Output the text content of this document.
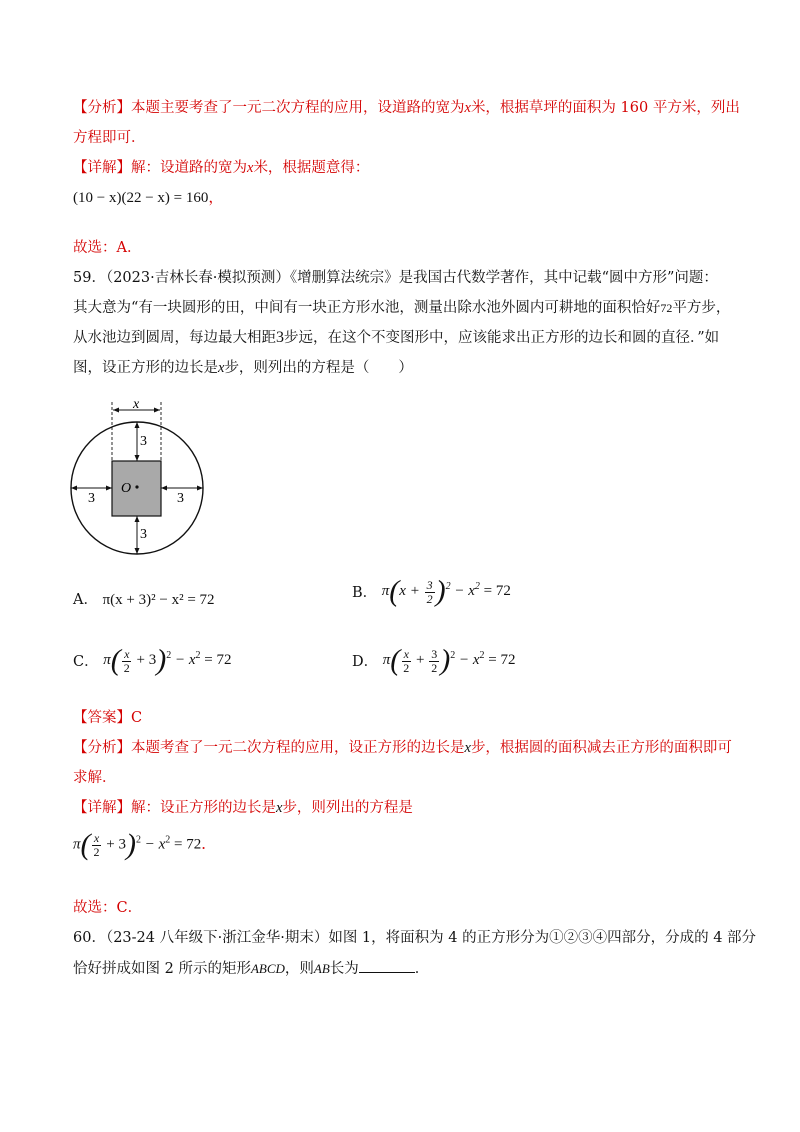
【分析】本题主要考查了一元二次方程的应用，设道路的宽为x米，根据草坪的面积为 160 平方米，列出
方程即可．
【详解】解：设道路的宽为x米，根据题意得：
(10 − x)(22 − x) = 160，
故选：A．
59．（2023·吉林长春·模拟预测）《增删算法统宗》是我国古代数学著作，其中记载“圆中方形”问题：
其大意为“有一块圆形的田，中间有一块正方形水池，测量出除水池外圆内可耕地的面积恰好72平方步，
从水池边到圆周，每边最大相距3步远，在这个不变图形中，应该能求出正方形的边长和圆的直径．”如
图，设正方形的边长是x步，则列出的方程是（　　）
x
3
3
3	3
O
A． π(x + 3)² − x² = 72	B． $\pi(x + \frac{3}{2} )^2 - x^2 = 72$
C． $\pi( \frac{x}{2} + 3)^2 - x^2 = 72$	D． $\pi( \frac{x}{2} + \frac{3}{2} )^2 - x^2 = 72$
【答案】C
【分析】本题考查了一元二次方程的应用，设正方形的边长是x步，根据圆的面积减去正方形的面积即可
求解．
【详解】解：设正方形的边长是x步，则列出的方程是
$\pi( \frac{x}{2} + 3)^2 - x^2 = 72$．
故选：C．
60．（23-24 八年级下·浙江金华·期末）如图 1，将面积为 4 的正方形分为①②③④四部分，分成的 4 部分
恰好拼成如图 2 所示的矩形ABCD，则AB长为	．
